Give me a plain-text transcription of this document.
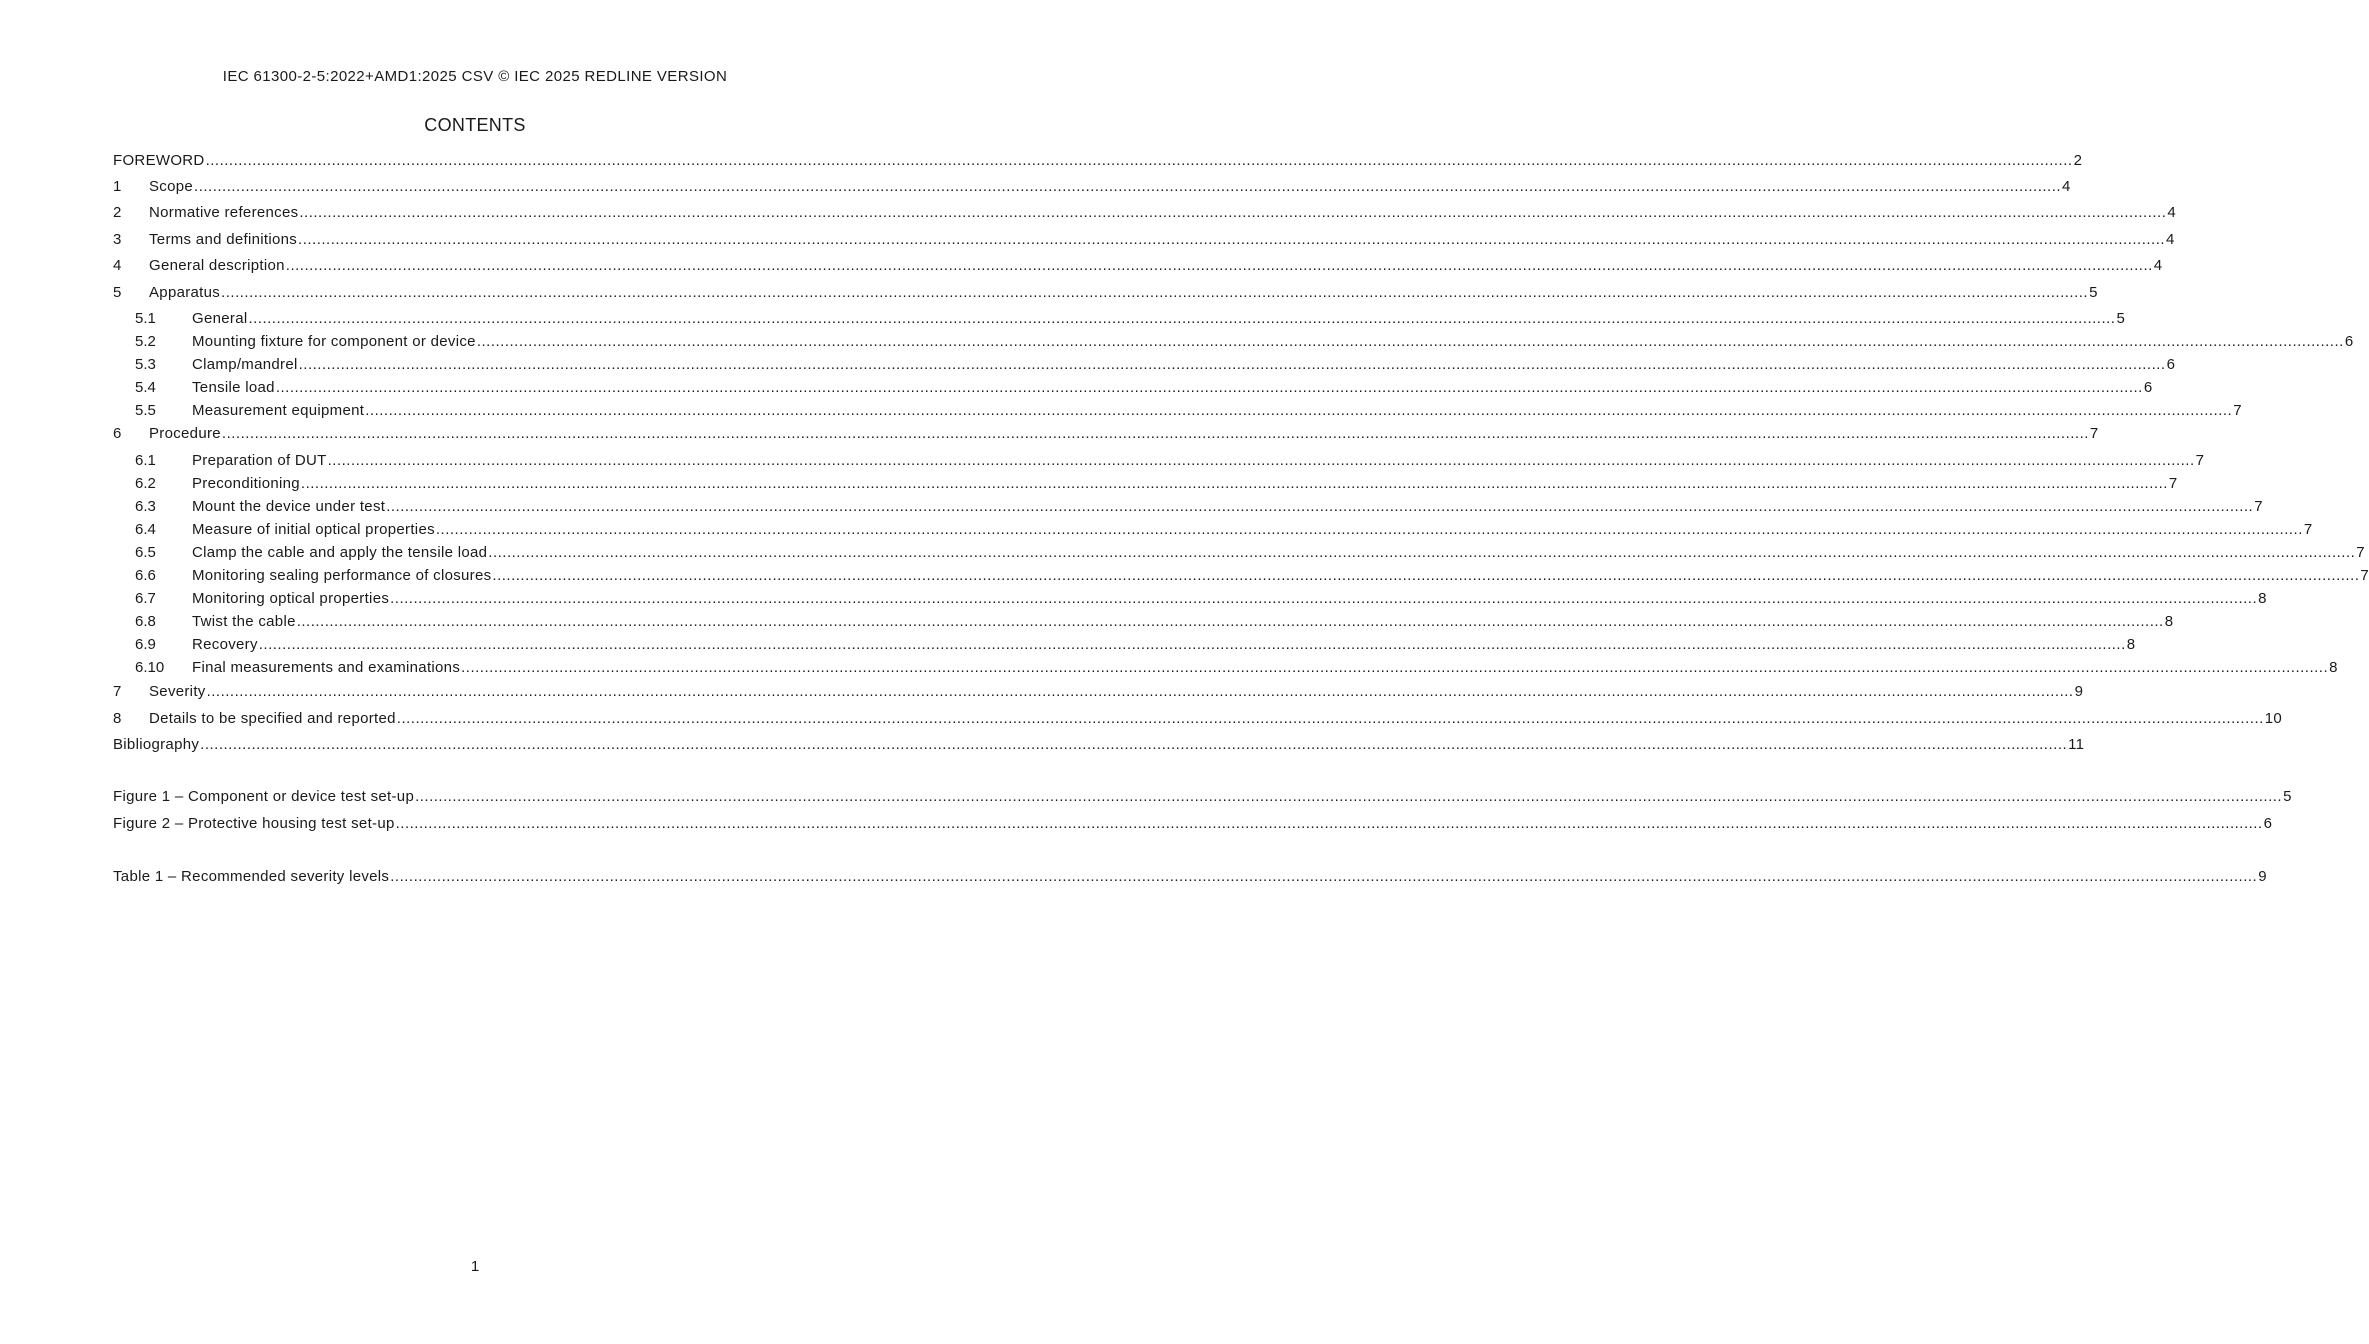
IEC 61300-2-5:2022+AMD1:2025 CSV © IEC 2025 REDLINE VERSION
CONTENTS
FOREWORD ................................................................................................................................................................................................................................................................................................................................................................................................................ 2
1	Scope ................................................................................................................................................................................................................................................................................................................................................................................................................ 4
2	Normative references ................................................................................................................................................................................................................................................................................................................................................................................................................ 4
3	Terms and definitions ................................................................................................................................................................................................................................................................................................................................................................................................................ 4
4	General description ................................................................................................................................................................................................................................................................................................................................................................................................................ 4
5	Apparatus ................................................................................................................................................................................................................................................................................................................................................................................................................ 5
5.1	General ................................................................................................................................................................................................................................................................................................................................................................................................................ 5
5.2	Mounting fixture for component or device ................................................................................................................................................................................................................................................................................................................................................................................................................ 6
5.3	Clamp/mandrel ................................................................................................................................................................................................................................................................................................................................................................................................................ 6
5.4	Tensile load ................................................................................................................................................................................................................................................................................................................................................................................................................ 6
5.5	Measurement equipment ................................................................................................................................................................................................................................................................................................................................................................................................................ 7
6	Procedure ................................................................................................................................................................................................................................................................................................................................................................................................................ 7
6.1	Preparation of DUT ................................................................................................................................................................................................................................................................................................................................................................................................................ 7
6.2	Preconditioning ................................................................................................................................................................................................................................................................................................................................................................................................................ 7
6.3	Mount the device under test ................................................................................................................................................................................................................................................................................................................................................................................................................ 7
6.4	Measure of initial optical properties ................................................................................................................................................................................................................................................................................................................................................................................................................ 7
6.5	Clamp the cable and apply the tensile load ................................................................................................................................................................................................................................................................................................................................................................................................................ 7
6.6	Monitoring sealing performance of closures ................................................................................................................................................................................................................................................................................................................................................................................................................ 7
6.7	Monitoring optical properties ................................................................................................................................................................................................................................................................................................................................................................................................................ 8
6.8	Twist the cable ................................................................................................................................................................................................................................................................................................................................................................................................................ 8
6.9	Recovery ................................................................................................................................................................................................................................................................................................................................................................................................................ 8
6.10	Final measurements and examinations ................................................................................................................................................................................................................................................................................................................................................................................................................ 8
7	Severity ................................................................................................................................................................................................................................................................................................................................................................................................................ 9
8	Details to be specified and reported ................................................................................................................................................................................................................................................................................................................................................................................................................ 10
Bibliography ................................................................................................................................................................................................................................................................................................................................................................................................................ 11
Figure 1 – Component or device test set-up ................................................................................................................................................................................................................................................................................................................................................................................................................ 5
Figure 2 – Protective housing test set-up ................................................................................................................................................................................................................................................................................................................................................................................................................ 6
Table 1 – Recommended severity levels ................................................................................................................................................................................................................................................................................................................................................................................................................ 9
1
